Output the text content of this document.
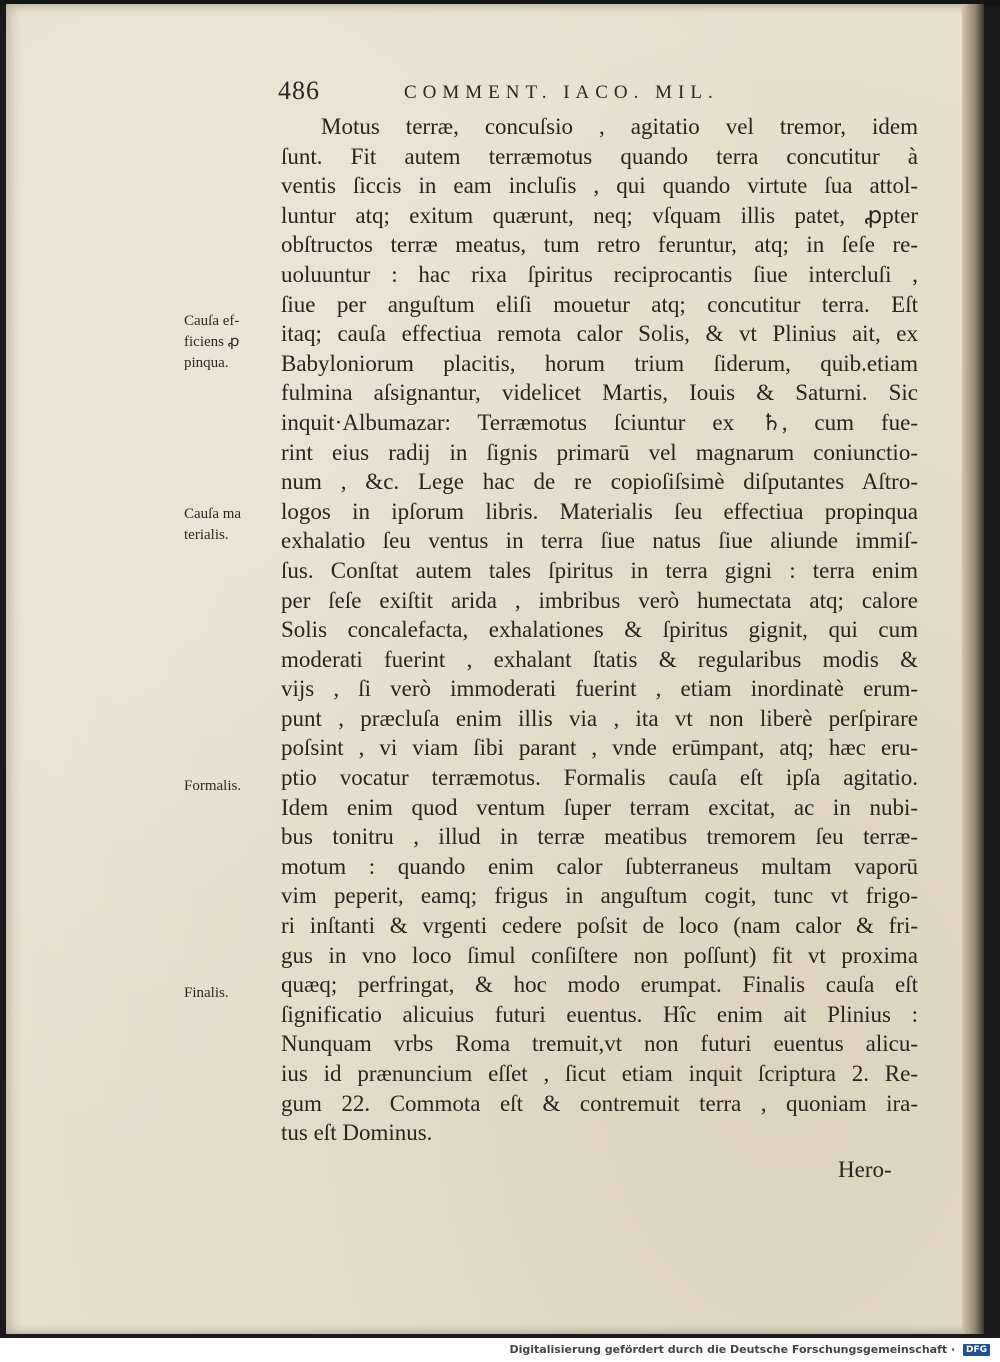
486	COMMENT. IACO. MIL.
Motus terræ, concuſsio , agitatio vel tremor, idem
ſunt. Fit autem terræmotus quando terra concutitur à
ventis ſiccis in eam incluſis , qui quando virtute ſua attol-
luntur atq; exitum quærunt, neq; vſquam illis patet, ꝓpter
obſtructos terræ meatus, tum retro feruntur, atq; in ſeſe re-
uoluuntur : hac rixa ſpiritus reciprocantis ſiue intercluſi ,
ſiue per anguſtum eliſi mouetur atq; concutitur terra. Eſt
itaq; cauſa effectiua remota calor Solis, & vt Plinius ait, ex
Babyloniorum placitis, horum trium ſiderum, quib.etiam
fulmina aſsignantur, videlicet Martis, Iouis & Saturni. Sic
inquit·Albumazar: Terræmotus ſciuntur ex ♄, cum fue-
rint eius radij in ſignis primarū vel magnarum coniunctio-
num , &c. Lege hac de re copioſiſsimè diſputantes Aſtro-
logos in ipſorum libris. Materialis ſeu effectiua propinqua
exhalatio ſeu ventus in terra ſiue natus ſiue aliunde immiſ-
ſus. Conſtat autem tales ſpiritus in terra gigni : terra enim
per ſeſe exiſtit arida , imbribus verò humectata atq; calore
Solis concalefacta, exhalationes & ſpiritus gignit, qui cum
moderati fuerint , exhalant ſtatis & regularibus modis &
vijs , ſi verò immoderati fuerint , etiam inordinatè erum-
punt , præcluſa enim illis via , ita vt non liberè perſpirare
poſsint , vi viam ſibi parant , vnde erūmpant, atq; hæc eru-
ptio vocatur terræmotus. Formalis cauſa eſt ipſa agitatio.
Idem enim quod ventum ſuper terram excitat, ac in nubi-
bus tonitru , illud in terræ meatibus tremorem ſeu terræ-
motum : quando enim calor ſubterraneus multam vaporū
vim peperit, eamq; frigus in anguſtum cogit, tunc vt frigo-
ri inſtanti & vrgenti cedere poſsit de loco (nam calor & fri-
gus in vno loco ſimul conſiſtere non poſſunt) fit vt proxima
quæq; perfringat, & hoc modo erumpat. Finalis cauſa eſt
ſignificatio alicuius futuri euentus. Hîc enim ait Plinius :
Nunquam vrbs Roma tremuit,vt non futuri euentus alicu-
ius id prænuncium eſſet , ſicut etiam inquit ſcriptura 2. Re-
gum 22. Commota eſt & contremuit terra , quoniam ira-
tus eſt Dominus.
Hero-
Cauſa ef-
ficiens ꝓ
pinqua.
Cauſa ma
terialis.
Formalis.
Finalis.
Digitalisierung gefördert durch die Deutsche Forschungsgemeinschaft · DFG
